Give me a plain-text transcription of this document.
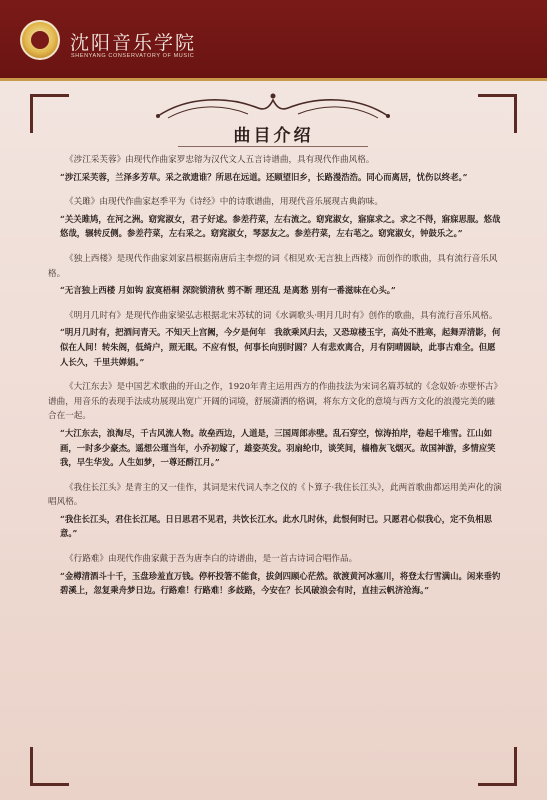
沈阳音乐学院
SHENYANG CONSERVATORY OF MUSIC
曲目介绍

《涉江采芙蓉》由现代作曲家罗忠镕为汉代文人五言诗谱曲，具有现代作曲风格。

“涉江采芙蓉，兰泽多芳草。采之欲遗谁？所思在远道。还顾望旧乡，长路漫浩浩。同心而离居，忧伤以终老。”

《关雎》由现代作曲家赵季平为《诗经》中的诗歌谱曲，用现代音乐展现古典韵味。

“关关雎鸠，在河之洲。窈窕淑女，君子好逑。参差荇菜，左右流之。窈窕淑女，寤寐求之。求之不得，寤寐思服。悠哉悠哉，辗转反侧。参差荇菜，左右采之。窈窕淑女，琴瑟友之。参差荇菜，左右芼之。窈窕淑女，钟鼓乐之。”

《独上西楼》是现代作曲家刘家昌根据南唐后主李煜的词《相见欢·无言独上西楼》而创作的歌曲，具有流行音乐风格。

“无言独上西楼 月如钩 寂寞梧桐 深院锁清秋 剪不断 理还乱 是离愁 别有一番滋味在心头。”

《明月几时有》是现代作曲家梁弘志根据北宋苏轼的词《水调歌头·明月几时有》创作的歌曲，具有流行音乐风格。

“明月几时有，把酒问青天。不知天上宫阙，今夕是何年　我欲乘风归去，又恐琼楼玉宇，高处不胜寒，起舞弄清影，何似在人间！转朱阁，低绮户，照无眠。不应有恨，何事长向别时圆？人有悲欢离合，月有阴晴圆缺，此事古难全。但愿人长久，千里共婵娟。”

《大江东去》是中国艺术歌曲的开山之作，1920年青主运用西方的作曲技法为宋词名篇苏轼的《念奴娇·赤壁怀古》谱曲，用音乐的表现手法成功展现出宽广开阔的词境，舒展潇洒的格调，将东方文化的意境与西方文化的浪漫完美的融合在一起。

“大江东去，浪淘尽，千古风流人物。故垒西边，人道是，三国周郎赤壁。乱石穿空，惊涛拍岸，卷起千堆雪。江山如画，一时多少豪杰。遥想公瑾当年，小乔初嫁了，雄姿英发。羽扇纶巾，谈笑间，樯橹灰飞烟灭。故国神游，多情应笑我，早生华发。人生如梦，一尊还酹江月。”

《我住长江头》是青主的又一佳作，其词是宋代词人李之仪的《卜算子·我住长江头》，此两首歌曲都运用美声化的演唱风格。

“我住长江头，君住长江尾。日日思君不见君，共饮长江水。此水几时休，此恨何时已。只愿君心似我心，定不负相思意。”

《行路难》由现代作曲家戴于吾为唐李白的诗谱曲，是一首古诗词合唱作品。

“金樽清酒斗十千，玉盘珍羞直万钱。停杯投箸不能食，拔剑四顾心茫然。欲渡黄河冰塞川，将登太行雪满山。闲来垂钓碧溪上，忽复乘舟梦日边。行路难！行路难！多歧路，今安在？长风破浪会有时，直挂云帆济沧海。”
